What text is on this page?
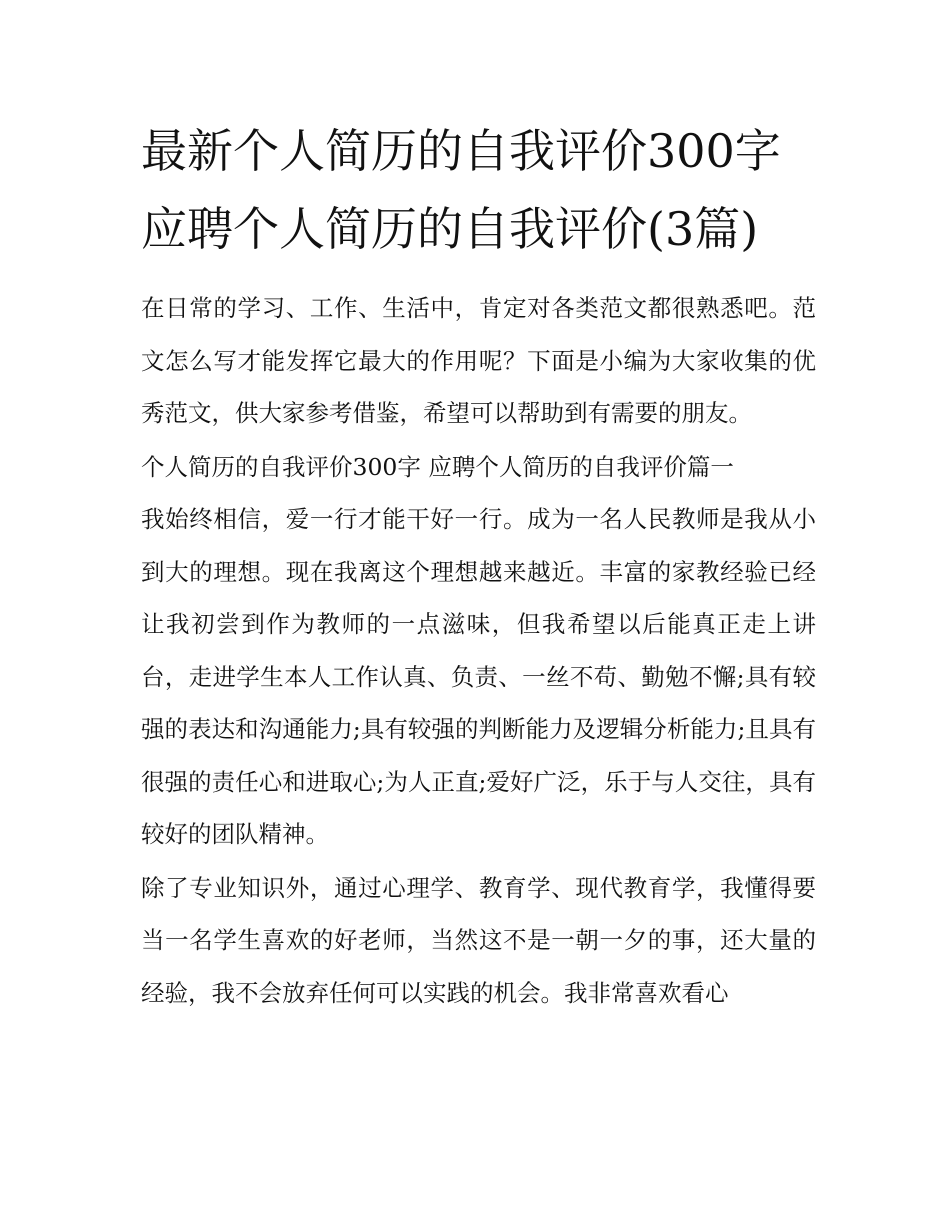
最新个人简历的自我评价300字 应聘个人简历的自我评价(3篇)

在日常的学习、工作、生活中，肯定对各类范文都很熟悉吧。范文怎么写才能发挥它最大的作用呢？下面是小编为大家收集的优秀范文，供大家参考借鉴，希望可以帮助到有需要的朋友。

个人简历的自我评价300字 应聘个人简历的自我评价篇一

我始终相信，爱一行才能干好一行。成为一名人民教师是我从小到大的理想。现在我离这个理想越来越近。丰富的家教经验已经让我初尝到作为教师的一点滋味，但我希望以后能真正走上讲台，走进学生本人工作认真、负责、一丝不苟、勤勉不懈;具有较强的表达和沟通能力;具有较强的判断能力及逻辑分析能力;且具有很强的责任心和进取心;为人正直;爱好广泛，乐于与人交往，具有较好的团队精神。

除了专业知识外，通过心理学、教育学、现代教育学，我懂得要当一名学生喜欢的好老师，当然这不是一朝一夕的事，还大量的经验，我不会放弃任何可以实践的机会。我非常喜欢看心
